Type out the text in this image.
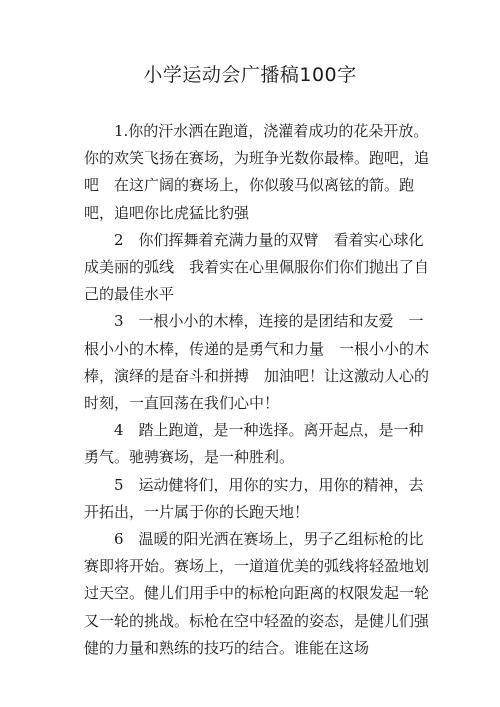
小学运动会广播稿100字

1.你的汗水洒在跑道，浇灌着成功的花朵开放。你的欢笑飞扬在赛场，为班争光数你最棒。跑吧，追吧　在这广阔的赛场上，你似骏马似离铉的箭。跑吧，追吧你比虎猛比豹强

2　你们挥舞着充满力量的双臂　看着实心球化成美丽的弧线　我着实在心里佩服你们你们抛出了自己的最佳水平

3　一根小小的木棒，连接的是团结和友爱　一根小小的木棒，传递的是勇气和力量　一根小小的木棒，演绎的是奋斗和拼搏　加油吧！让这激动人心的时刻，一直回荡在我们心中！

4　踏上跑道，是一种选择。离开起点，是一种勇气。驰骋赛场，是一种胜利。

5　运动健将们，用你的实力，用你的精神，去开拓出，一片属于你的长跑天地！

6　温暖的阳光洒在赛场上，男子乙组标枪的比赛即将开始。赛场上，一道道优美的弧线将轻盈地划过天空。健儿们用手中的标枪向距离的权限发起一轮又一轮的挑战。标枪在空中轻盈的姿态，是健儿们强健的力量和熟练的技巧的结合。谁能在这场
